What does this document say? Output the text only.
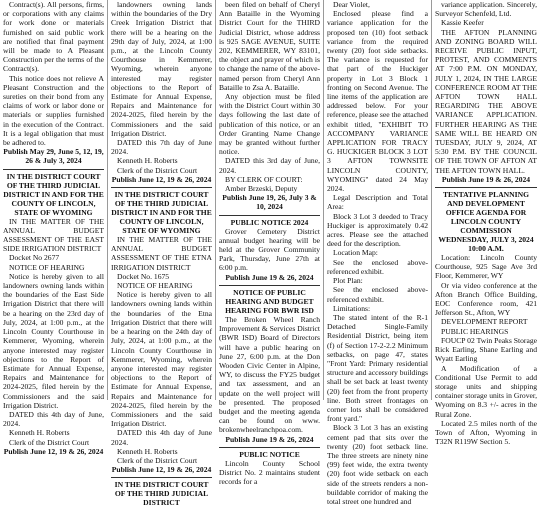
Contract(s). All persons, firms, or corporations with any claims for work done or materials furnished on said public work are notified that final payment will be made to A Pleasant Construction per the terms of the Contract(s).

This notice does not relieve A Pleasant Construction and the sureties on their bond from any claims of work or labor done or materials or supplies furnished in the execution of the Contract. It is a legal obligation that must be adhered to.

Publish May 29, June 5, 12, 19, 26 & July 3, 2024

IN THE DISTRICT COURT OF THE THIRD JUDICIAL DISTRICT IN AND FOR THE COUNTY OF LINCOLN, STATE OF WYOMING

IN THE MATTER OF THE ANNUAL BUDGET ASSESSMENT OF THE EAST SIDE IRRIGATION DISTRICT

Docket No 2677

NOTICE OF HEARING

Notice is hereby given to all landowners owning lands within the boundaries of the East Side Irrigation District that there will be a hearing on the 23rd day of July, 2024, at 1:00 p.m., at the Lincoln County Courthouse in Kemmerer, Wyoming, wherein anyone interested may register objections to the Report of Estimate for Annual Expense, Repairs and Maintenance for 2024-2025, filed herein by the Commissioners and the said Irrigation District.

DATED this 4th day of June, 2024.

Kenneth H. Roberts

Clerk of the District Court

Publish June 12, 19 & 26, 2024

landowners owning lands within the boundaries of the Dry Creek Irrigation District that there will be a hearing on the 29th day of July, 2024, at 1:00 p.m., at the Lincoln County Courthouse in Kemmerer, Wyoming, wherein anyone interested may register objections to the Report of Estimate for Annual Expense, Repairs and Maintenance for 2024-2025, filed herein by the Commissioners and the said Irrigation District.

DATED this 7th day of June 2024.

Kenneth H. Roberts

Clerk of the District Court

Publish June 12, 19 & 26, 2024

IN THE DISTRICT COURT OF THE THIRD JUDICIAL DISTRICT IN AND FOR THE COUNTY OF LINCOLN, STATE OF WYOMING

IN THE MATTER OF THE ANNUAL BUDGET ASSESSMENT OF THE ETNA IRRIGATION DISTRICT

Docket No. 1675

NOTICE OF HEARING

Notice is hereby given to all landowners owning lands within the boundaries of the Etna Irrigation District that there will be a hearing on the 24th day of July, 2024, at 1:00 p.m., at the Lincoln County Courthouse in Kemmerer, Wyoming, wherein anyone interested may register objections to the Report of Estimate for Annual Expense, Repairs and Maintenance for 2024-2025, filed herein by the Commissioners and the said Irrigation District.

DATED this 4th day of June 2024.

Kenneth H. Roberts

Clerk of the District Court

Publish June 12, 19 & 26, 2024

IN THE DISTRICT COURT OF THE THIRD JUDICIAL DISTRICT

been filed on behalf of Cheryl Ann Bataille in the Wyoming District Court for the THIRD Judicial District, whose address is 925 SAGE AVENUE, SUITE 202, KEMMERER, WY 83101, the object and prayer of which is to change the name of the above-named person from Cheryl Ann Bataille to Zsa A. Bataille.

Any objection must be filed with the District Court within 30 days following the last date of publication of this notice, or an Order Granting Name Change may be granted without further notice.

DATED this 3rd day of June, 2024.

BY CLERK OF COURT:

Amber Brzeski, Deputy

Publish June 19, 26, July 3 & 10, 2024

PUBLIC NOTICE 2024

Grover Cemetery District annual budget hearing will be held at the Grover Community Park, Thursday, June 27th at 6:00 p.m.

Publish June 19 & 26, 2024

NOTICE OF PUBLIC HEARING AND BUDGET HEARING FOR BWR ISD

The Broken Wheel Ranch Improvement & Services District (BWR ISD) Board of Directors will have a public hearing on June 27, 6:00 p.m. at the Don Wooden Civic Center in Alpine, WY, to discuss the FY25 budget and tax assessment, and an update on the well project will be presented. The proposed budget and the meeting agenda can be found on www. brokenwheelranchpoa.com.

Publish June 19 & 26, 2024

PUBLIC NOTICE

Lincoln County School District No. 2 maintains student records for a

Dear Violet,

Enclosed please find a variance application for the proposed ten (10) foot setback variance from the required twenty (20) foot side setbacks. The variance is requested for that part of the Huckiger property in Lot 3 Block 1 fronting on Second Avenue. The line items of the application are addressed below. For your reference, please see the attached exhibit titled, "EXHIBIT TO ACCOMPANY VARIANCE APPLICATION FOR TRACY G. HUCKIGER BLOCK 3 LOT 3 AFTON TOWNSITE LINCOLN COUNTY, WYOMING" dated 24 May 2024.

Legal Description and Total Area:

Block 3 Lot 3 deeded to Tracy Huckiger is approximately 0.42 acres. Please see the attached deed for the description.

Location Map:

See the enclosed above-referenced exhibit.

Plot Plan:

See the enclosed above-referenced exhibit.

Limitations:

The stated intent of the R-1 Detached Single-Family Residential District, being item (f) of Section 17-2-2.2 Minimum setbacks, on page 47, states "Front Yard: Primary residential structure and accessory buildings shall be set back at least twenty (20) feet from the front property line. Both street frontages on corner lots shall be considered front yard."

Block 3 Lot 3 has an existing cement pad that sits over the twenty (20) foot setback line. The three streets are ninety nine (99) feet wide, the extra twenty (20) foot wide setback on each side of the streets renders a non-buildable corridor of making the total street one hundred and

variance application. Sincerely, Surveyor Schenfeld, Ltd.

Kassie Keefer

THE AFTON PLANNING AND ZONING BOARD WILL RECEIVE PUBLIC INPUT, PROTEST, AND COMMENTS AT 7:00 P.M. ON MONDAY, JULY 1, 2024, IN THE LARGE CONFERENCE ROOM AT THE AFTON TOWN HALL REGARDING THE ABOVE VARIANCE APPLICATION. FURTHER HEARING AS THE SAME WILL BE HEARD ON TUESDAY, JULY 9, 2024, AT 5:30 P.M. BY THE COUNCIL OF THE TOWN OF AFTON AT THE AFTON TOWN HALL.

Publish June 19 & 26, 2024

TENTATIVE PLANNING AND DEVELOPMENT OFFICE AGENDA FOR LINCOLN COUNTY COMMISSION WEDNESDAY, JULY 3, 2024 10:00 A.M.

Location: Lincoln County Courthouse, 925 Sage Ave 3rd Floor, Kemmerer, WY

Or via video conference at the Afton Branch Office Building, EOC Conference room, 421 Jefferson St., Afton, WY

DEVELOPMENT REPORT

PUBLIC HEARINGS

FOUCP 02 Twin Peaks Storage Rick Earling, Shane Earling and Wyatt Earling

A Modification of a Conditional Use Permit to add storage units and shipping container storage units in Grover, Wyoming on 8.3 +/- acres in the Rural Zone.

Located 2.5 miles north of the Town of Afton, Wyoming in T32N R119W Section 5.
